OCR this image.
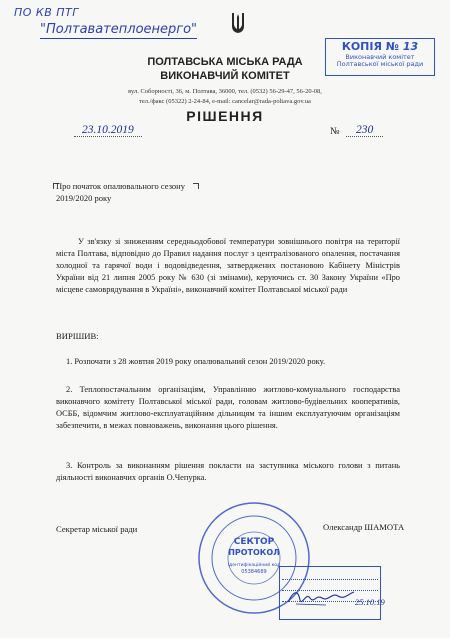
ПО КВ ПТГ
"Полтаватеплоенерго"
КОПІЯ № 13
Виконавчий комітет
Полтавської міської ради
ПОЛТАВСЬКА МІСЬКА РАДА
ВИКОНАВЧИЙ КОМІТЕТ
вул. Соборності, 36, м. Полтава, 36000, тел. (0532) 56-29-47, 56-20-08,
тел./факс (05322) 2-24-84, e-mail: cancelar@rada-poltava.gov.ua
РІШЕННЯ
23.10.2019	№	230
Про початок опалювального сезону 2019/2020 року
У зв'язку зі зниженням середньодобової температури зовнішнього повітря на території міста Полтава, відповідно до Правил надання послуг з централізованого опалення, постачання холодної та гарячої води і водовідведення, затверджених постановою Кабінету Міністрів України від 21 липня 2005 року № 630 (зі змінами), керуючись ст. 30 Закону України «Про місцеве самоврядування в Україні», виконавчий комітет Полтавської міської ради
ВИРІШИВ:
1. Розпочати з 28 жовтня 2019 року опалювальний сезон 2019/2020 року.
2. Теплопостачальним організаціям, Управлінню житлово-комунального господарства виконавчого комітету Полтавської міської ради, головам житлово-будівельних кооперативів, ОСББ, відомчим житлово-експлуатаційним дільницям та іншим експлуатуючим організаціям забезпечити, в межах повноважень, виконання цього рішення.
3. Контроль за виконанням рішення покласти на заступника міського голови з питань діяльності виконавчих органів О.Чепурка.
Секретар міської ради	Олександр ШАМОТА
СЕКТОР
ПРОТОКОЛ
Ідентифікаційний код
05384689
25.10.19
